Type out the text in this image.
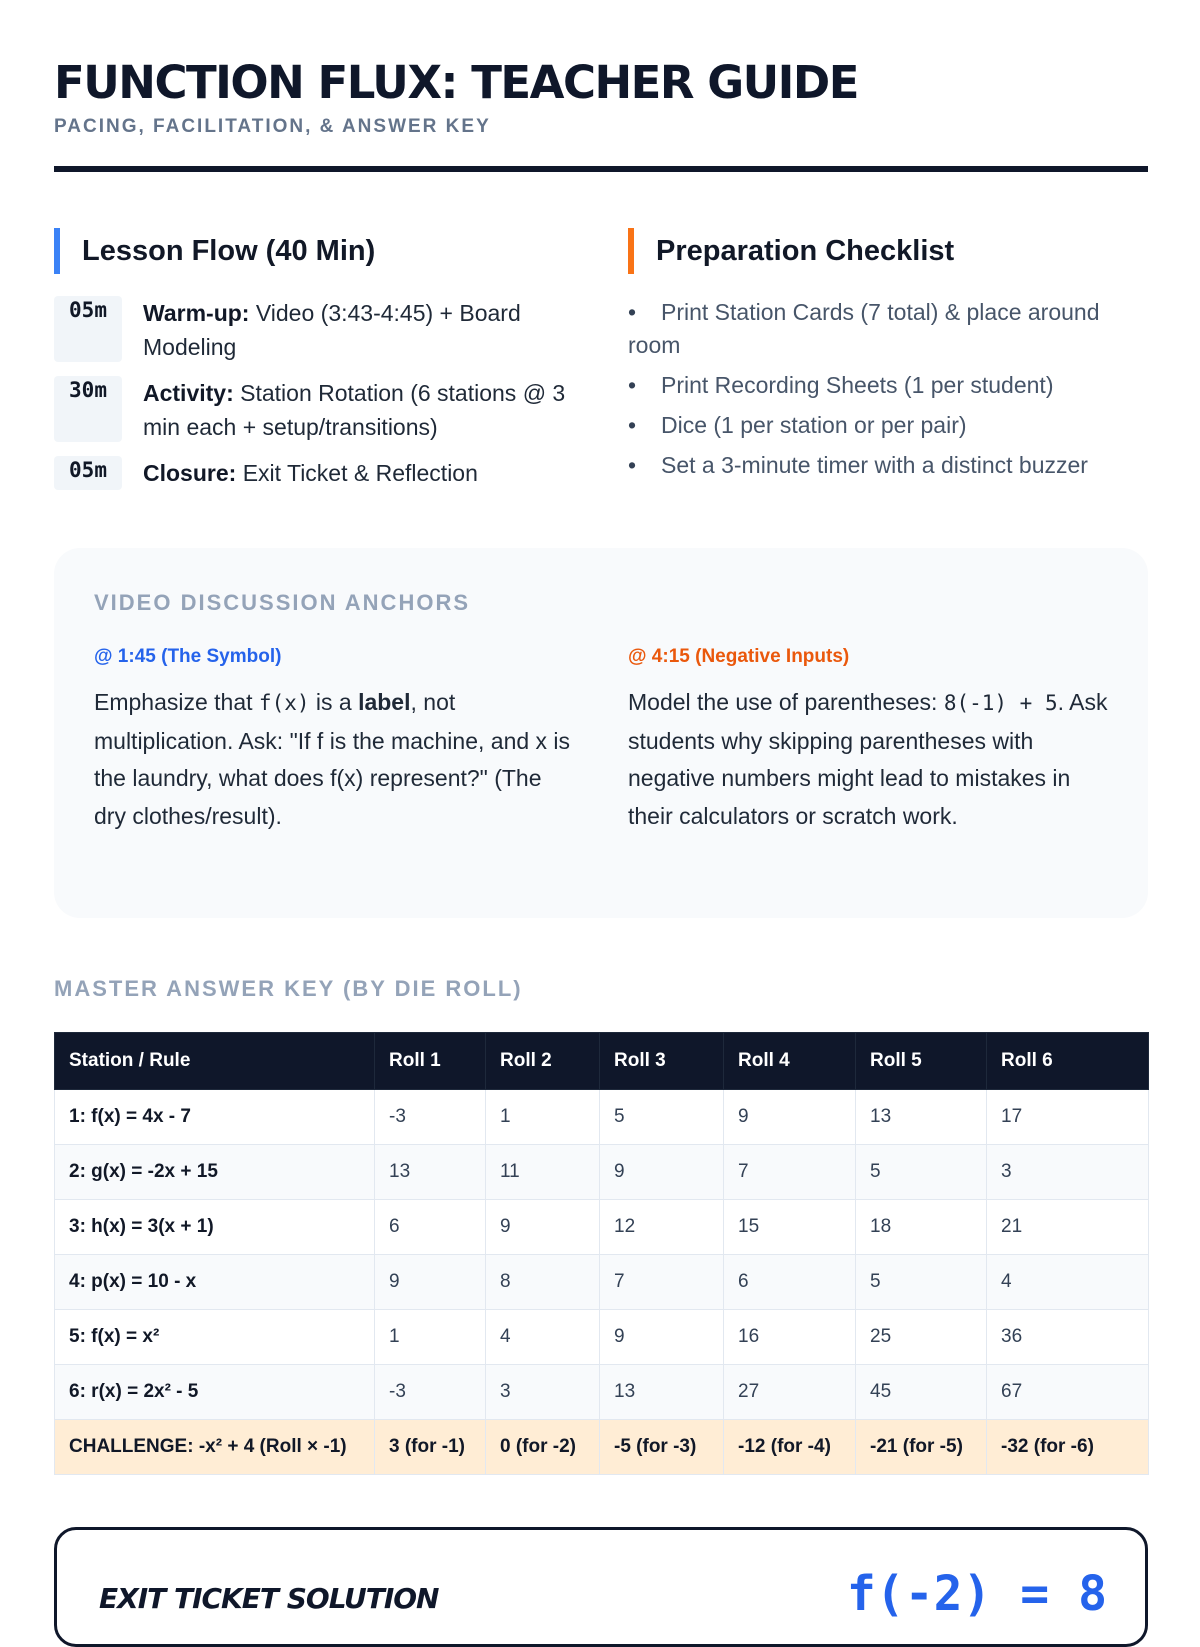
FUNCTION FLUX: TEACHER GUIDE
PACING, FACILITATION, & ANSWER KEY
Lesson Flow (40 Min)
05m	Warm-up: Video (3:43-4:45) + Board Modeling
30m	Activity: Station Rotation (6 stations @ 3 min each + setup/transitions)
05m	Closure: Exit Ticket & Reflection
Preparation Checklist
• Print Station Cards (7 total) & place around room
• Print Recording Sheets (1 per student)
• Dice (1 per station or per pair)
• Set a 3-minute timer with a distinct buzzer
VIDEO DISCUSSION ANCHORS
@ 1:45 (The Symbol)
Emphasize that f(x) is a label, not multiplication. Ask: "If f is the machine, and x is the laundry, what does f(x) represent?" (The dry clothes/result).
@ 4:15 (Negative Inputs)
Model the use of parentheses: 8(-1) + 5. Ask students why skipping parentheses with negative numbers might lead to mistakes in their calculators or scratch work.
MASTER ANSWER KEY (BY DIE ROLL)
Station / Rule	Roll 1	Roll 2	Roll 3	Roll 4	Roll 5	Roll 6
1: f(x) = 4x - 7	-3	1	5	9	13	17
2: g(x) = -2x + 15	13	11	9	7	5	3
3: h(x) = 3(x + 1)	6	9	12	15	18	21
4: p(x) = 10 - x	9	8	7	6	5	4
5: f(x) = x²	1	4	9	16	25	36
6: r(x) = 2x² - 5	-3	3	13	27	45	67
CHALLENGE: -x² + 4 (Roll × -1)	3 (for -1)	0 (for -2)	-5 (for -3)	-12 (for -4)	-21 (for -5)	-32 (for -6)
EXIT TICKET SOLUTION	f(-2) = 8
